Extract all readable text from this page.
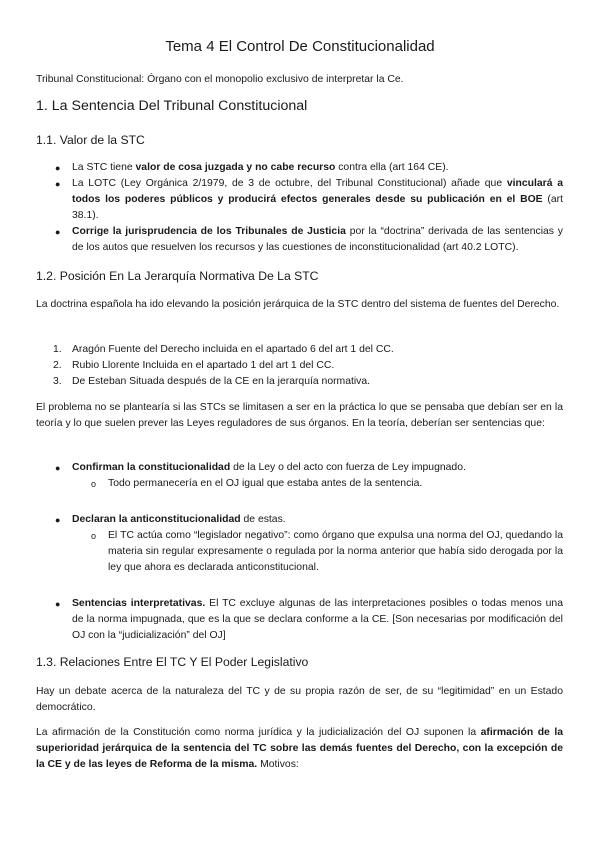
Tema 4 El Control De Constitucionalidad
Tribunal Constitucional: Órgano con el monopolio exclusivo de interpretar la Ce.
1. La Sentencia Del Tribunal Constitucional
1.1. Valor de la STC
● La STC tiene valor de cosa juzgada y no cabe recurso contra ella (art 164 CE).
● La LOTC (Ley Orgánica 2/1979, de 3 de octubre, del Tribunal Constitucional) añade que vinculará a todos los poderes públicos y producirá efectos generales desde su publicación en el BOE (art 38.1).
● Corrige la jurisprudencia de los Tribunales de Justicia por la “doctrina” derivada de las sentencias y de los autos que resuelven los recursos y las cuestiones de inconstitucionalidad (art 40.2 LOTC).
1.2. Posición En La Jerarquía Normativa De La STC
La doctrina española ha ido elevando la posición jerárquica de la STC dentro del sistema de fuentes del Derecho.
1. Aragón Fuente del Derecho incluida en el apartado 6 del art 1 del CC.
2. Rubio Llorente Incluida en el apartado 1 del art 1 del CC.
3. De Esteban Situada después de la CE en la jerarquía normativa.
El problema no se plantearía si las STCs se limitasen a ser en la práctica lo que se pensaba que debían ser en la teoría y lo que suelen prever las Leyes reguladores de sus órganos. En la teoría, deberían ser sentencias que:
● Confirman la constitucionalidad de la Ley o del acto con fuerza de Ley impugnado.
o Todo permanecería en el OJ igual que estaba antes de la sentencia.
● Declaran la anticonstitucionalidad de estas.
o El TC actúa como “legislador negativo”: como órgano que expulsa una norma del OJ, quedando la materia sin regular expresamente o regulada por la norma anterior que había sido derogada por la ley que ahora es declarada anticonstitucional.
● Sentencias interpretativas. El TC excluye algunas de las interpretaciones posibles o todas menos una de la norma impugnada, que es la que se declara conforme a la CE. [Son necesarias por modificación del OJ con la “judicialización” del OJ]
1.3. Relaciones Entre El TC Y El Poder Legislativo
Hay un debate acerca de la naturaleza del TC y de su propia razón de ser, de su “legitimidad” en un Estado democrático.
La afirmación de la Constitución como norma jurídica y la judicialización del OJ suponen la afirmación de la superioridad jerárquica de la sentencia del TC sobre las demás fuentes del Derecho, con la excepción de la CE y de las leyes de Reforma de la misma. Motivos:
